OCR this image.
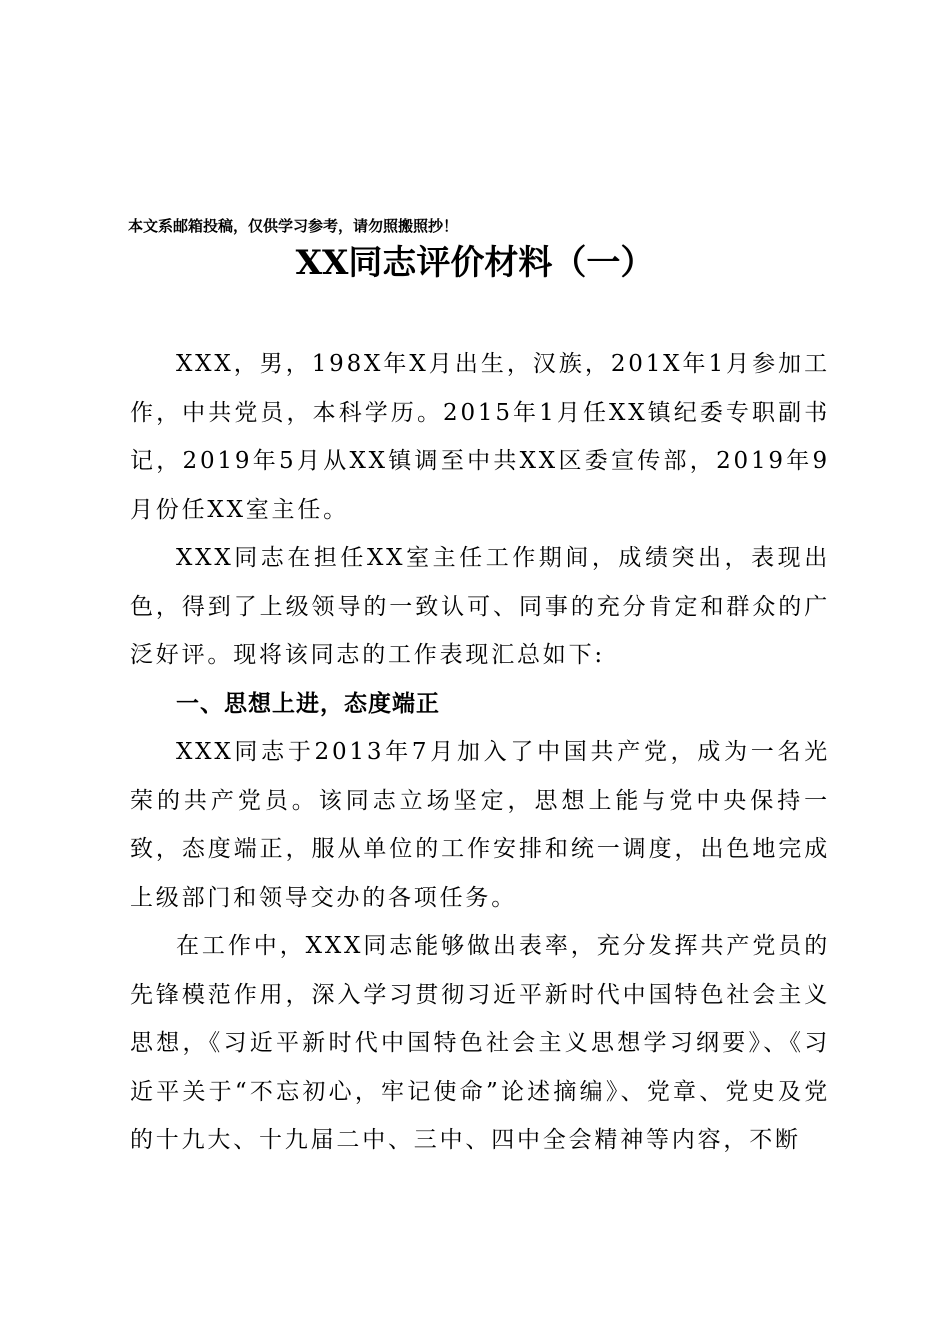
本文系邮箱投稿，仅供学习参考，请勿照搬照抄！
XX同志评价材料（一）

XXX，男，198X年X月出生，汉族，201X年1月参加工作，中共党员，本科学历。2015年1月任XX镇纪委专职副书记，2019年5月从XX镇调至中共XX区委宣传部，2019年9月份任XX室主任。

XXX同志在担任XX室主任工作期间，成绩突出，表现出色，得到了上级领导的一致认可、同事的充分肯定和群众的广泛好评。现将该同志的工作表现汇总如下:

一、思想上进，态度端正

XXX同志于2013年7月加入了中国共产党，成为一名光荣的共产党员。该同志立场坚定，思想上能与党中央保持一致，态度端正，服从单位的工作安排和统一调度，出色地完成上级部门和领导交办的各项任务。

在工作中，XXX同志能够做出表率，充分发挥共产党员的先锋模范作用，深入学习贯彻习近平新时代中国特色社会主义思想，《习近平新时代中国特色社会主义思想学习纲要》、《习近平关于“不忘初心，牢记使命”论述摘编》、党章、党史及党的十九大、十九届二中、三中、四中全会精神等内容，不断
